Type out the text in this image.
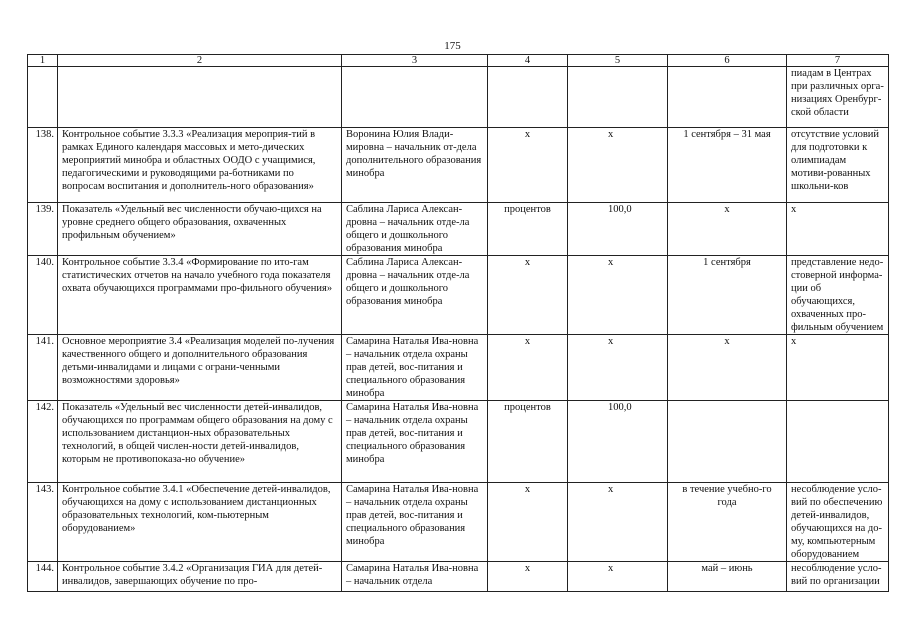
175
1	2	3	4	5	6	7
						пиадам в Центрах при различных орга-низациях Оренбург-ской области
138.	Контрольное событие 3.3.3 «Реализация мероприя-тий в рамках Единого календаря массовых и мето-дических мероприятий минобра и областных ООДО с учащимися, педагогическими и руководящими ра-ботниками по вопросам воспитания и дополнитель-ного образования»	Воронина Юлия Влади-мировна – начальник от-дела дополнительного образования минобра	х	х	1 сентября – 31 мая	отсутствие условий для подготовки к олимпиадам мотиви-рованных школьни-ков
139.	Показатель «Удельный вес численности обучаю-щихся на уровне среднего общего образования, охваченных профильным обучением»	Саблина Лариса Алексан-дровна – начальник отде-ла общего и дошкольного образования минобра	процентов	100,0	х	х
140.	Контрольное событие 3.3.4 «Формирование по ито-гам статистических отчетов на начало учебного года показателя охвата обучающихся программами про-фильного обучения»	Саблина Лариса Алексан-дровна – начальник отде-ла общего и дошкольного образования минобра	х	х	1 сентября	представление недо-стоверной информа-ции об обучающихся, охваченных про-фильным обучением
141.	Основное мероприятие 3.4 «Реализация моделей по-лучения качественного общего и дополнительного образования детьми-инвалидами и лицами с ограни-ченными возможностями здоровья»	Самарина Наталья Ива-новна – начальник отдела охраны прав детей, вос-питания и специального образования минобра	х	х	х	х
142.	Показатель «Удельный вес численности детей-инвалидов, обучающихся по программам общего образования на дому с использованием дистанцион-ных образовательных технологий, в общей числен-ности детей-инвалидов, которым не противопоказа-но обучение»	Самарина Наталья Ива-новна – начальник отдела охраны прав детей, вос-питания и специального образования минобра	процентов	100,0		
143.	Контрольное событие 3.4.1 «Обеспечение детей-инвалидов, обучающихся на дому с использованием дистанционных образовательных технологий, ком-пьютерным оборудованием»	Самарина Наталья Ива-новна – начальник отдела охраны прав детей, вос-питания и специального образования минобра	х	х	в течение учебно-го года	несоблюдение усло-вий по обеспечению детей-инвалидов, обучающихся на до-му, компьютерным оборудованием
144.	Контрольное событие 3.4.2 «Организация ГИА для детей-инвалидов, завершающих обучение по про-	Самарина Наталья Ива-новна – начальник отдела	х	х	май – июнь	несоблюдение усло-вий по организации
